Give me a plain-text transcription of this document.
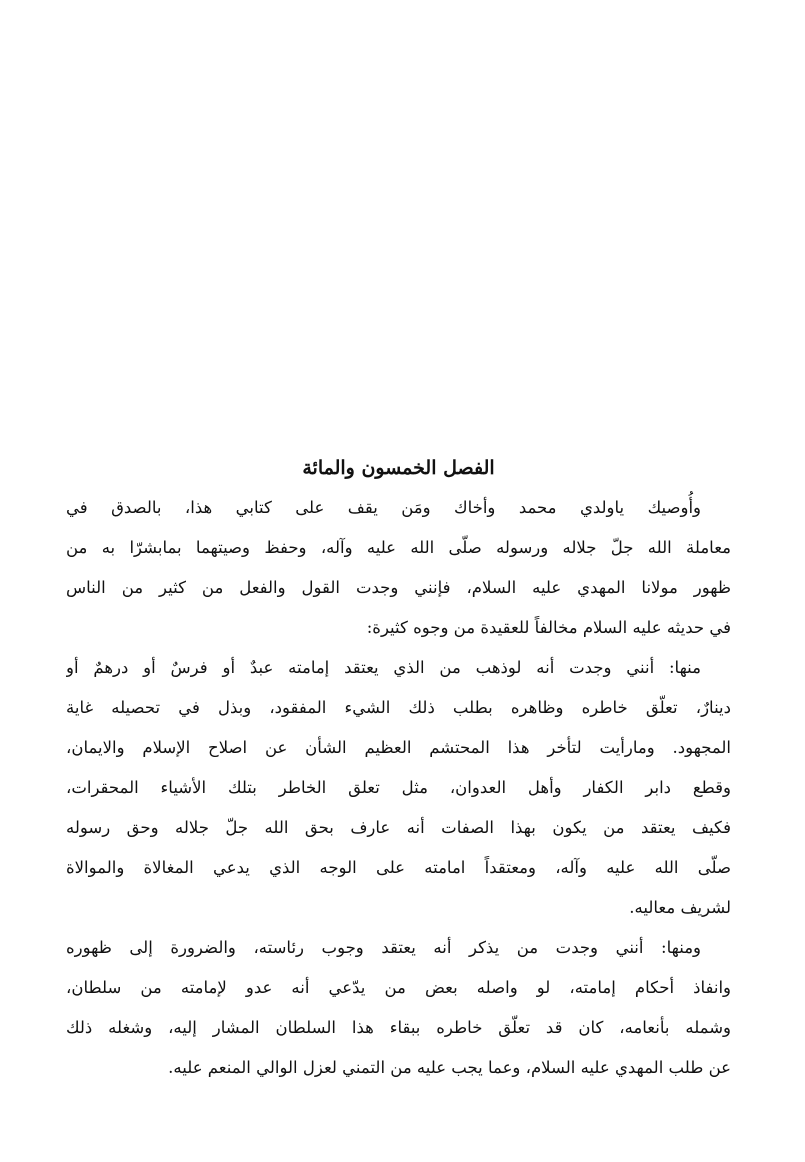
الفصل الخمسون والمائة
وأُوصيك ياولدي محمد وأخاك ومَن يقف على كتابي هذا، بالصدق في
معاملة الله جلّ جلاله ورسوله صلّى الله عليه وآله، وحفظ وصيتهما بمابشرّا به من
ظهور مولانا المهدي عليه السلام، فإنني وجدت القول والفعل من كثير من الناس
في حديثه عليه السلام مخالفاً للعقيدة من وجوه كثيرة:
منها: أنني وجدت أنه لوذهب من الذي يعتقد إمامته عبدٌ أو فرسٌ أو درهمٌ أو
دينارٌ، تعلّق خاطره وظاهره بطلب ذلك الشيء المفقود، وبذل في تحصيله غاية
المجهود. ومارأيت لتأخر هذا المحتشم العظيم الشأن عن اصلاح الإسلام والايمان،
وقطع دابر الكفار وأهل العدوان، مثل تعلق الخاطر بتلك الأشياء المحقرات،
فكيف يعتقد من يكون بهذا الصفات أنه عارف بحق الله جلّ جلاله وحق رسوله
صلّى الله عليه وآله، ومعتقداً امامته على الوجه الذي يدعي المغالاة والموالاة
لشريف معاليه.
ومنها: أنني وجدت من يذكر أنه يعتقد وجوب رئاسته، والضرورة إلى ظهوره
وانفاذ أحكام إمامته، لو واصله بعض من يدّعي أنه عدو لإمامته من سلطان،
وشمله بأنعامه، كان قد تعلّق خاطره ببقاء هذا السلطان المشار إليه، وشغله ذلك
عن طلب المهدي عليه السلام، وعما يجب عليه من التمني لعزل الوالي المنعم عليه.
